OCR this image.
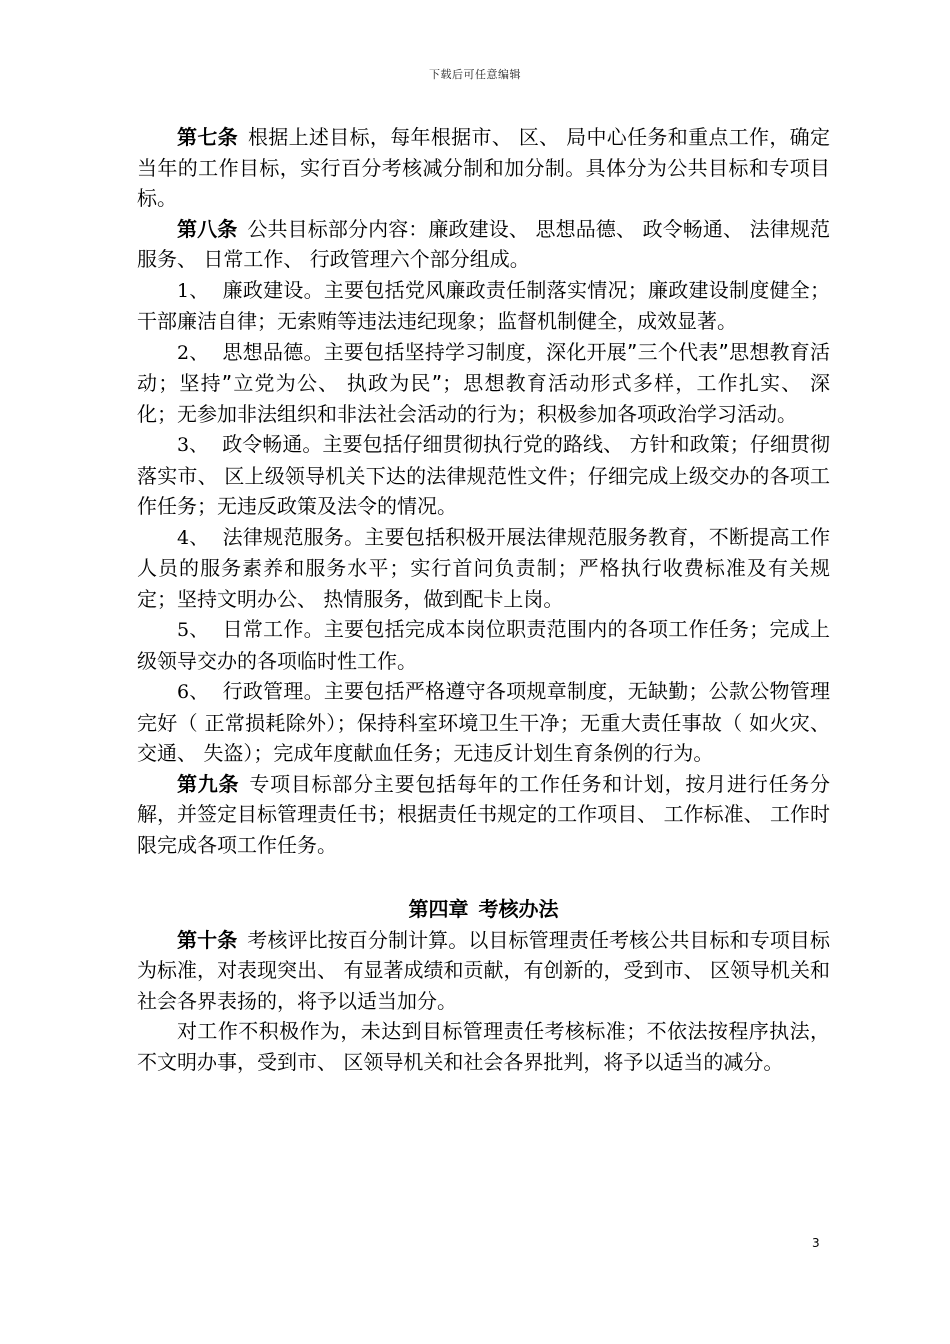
下载后可任意编辑

第七条 根据上述目标，每年根据市、 区、 局中心任务和重点工作，确定当年的工作目标，实行百分考核减分制和加分制。具体分为公共目标和专项目标。

第八条 公共目标部分内容：廉政建设、 思想品德、 政令畅通、 法律规范服务、 日常工作、 行政管理六个部分组成。

1、 廉政建设。主要包括党风廉政责任制落实情况；廉政建设制度健全；干部廉洁自律；无索贿等违法违纪现象；监督机制健全，成效显著。

2、 思想品德。主要包括坚持学习制度，深化开展”三个代表”思想教育活动；坚持”立党为公、 执政为民”；思想教育活动形式多样，工作扎实、 深化；无参加非法组织和非法社会活动的行为；积极参加各项政治学习活动。

3、 政令畅通。主要包括仔细贯彻执行党的路线、 方针和政策；仔细贯彻落实市、 区上级领导机关下达的法律规范性文件；仔细完成上级交办的各项工作任务；无违反政策及法令的情况。

4、 法律规范服务。主要包括积极开展法律规范服务教育，不断提高工作人员的服务素养和服务水平；实行首问负责制；严格执行收费标准及有关规定；坚持文明办公、 热情服务，做到配卡上岗。

5、 日常工作。主要包括完成本岗位职责范围内的各项工作任务；完成上级领导交办的各项临时性工作。

6、 行政管理。主要包括严格遵守各项规章制度，无缺勤；公款公物管理完好（ 正常损耗除外）；保持科室环境卫生干净；无重大责任事故（ 如火灾、 交通、 失盗）；完成年度献血任务；无违反计划生育条例的行为。

第九条 专项目标部分主要包括每年的工作任务和计划，按月进行任务分解，并签定目标管理责任书；根据责任书规定的工作项目、 工作标准、 工作时限完成各项工作任务。

第四章 考核办法

第十条 考核评比按百分制计算。以目标管理责任考核公共目标和专项目标为标准，对表现突出、 有显著成绩和贡献，有创新的，受到市、 区领导机关和社会各界表扬的，将予以适当加分。

对工作不积极作为，未达到目标管理责任考核标准；不依法按程序执法，不文明办事，受到市、 区领导机关和社会各界批判，将予以适当的减分。

3
